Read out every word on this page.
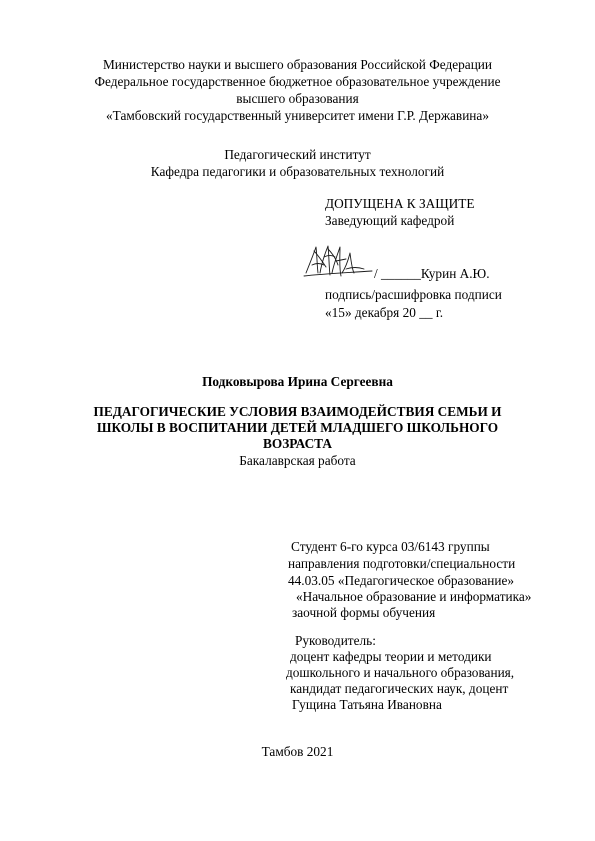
Министерство науки и высшего образования Российской Федерации
Федеральное государственное бюджетное образовательное учреждение
высшего образования
«Тамбовский государственный университет имени Г.Р. Державина»
Педагогический институт
Кафедра педагогики и образовательных технологий
ДОПУЩЕНА К ЗАЩИТЕ
Заведующий кафедрой
/ ______Курин А.Ю.
подпись/расшифровка подписи
«15» декабря 20 __ г.
Подковырова Ирина Сергеевна
ПЕДАГОГИЧЕСКИЕ УСЛОВИЯ ВЗАИМОДЕЙСТВИЯ СЕМЬИ И
ШКОЛЫ В ВОСПИТАНИИ ДЕТЕЙ МЛАДШЕГО ШКОЛЬНОГО
ВОЗРАСТА
Бакалаврская работа
Студент 6-го курса 03/6143 группы
направления подготовки/специальности
44.03.05 «Педагогическое образование»
«Начальное образование и информатика»
заочной формы обучения
Руководитель:
доцент кафедры теории и методики
дошкольного и начального образования,
кандидат педагогических наук, доцент
Гущина Татьяна Ивановна
Тамбов 2021
